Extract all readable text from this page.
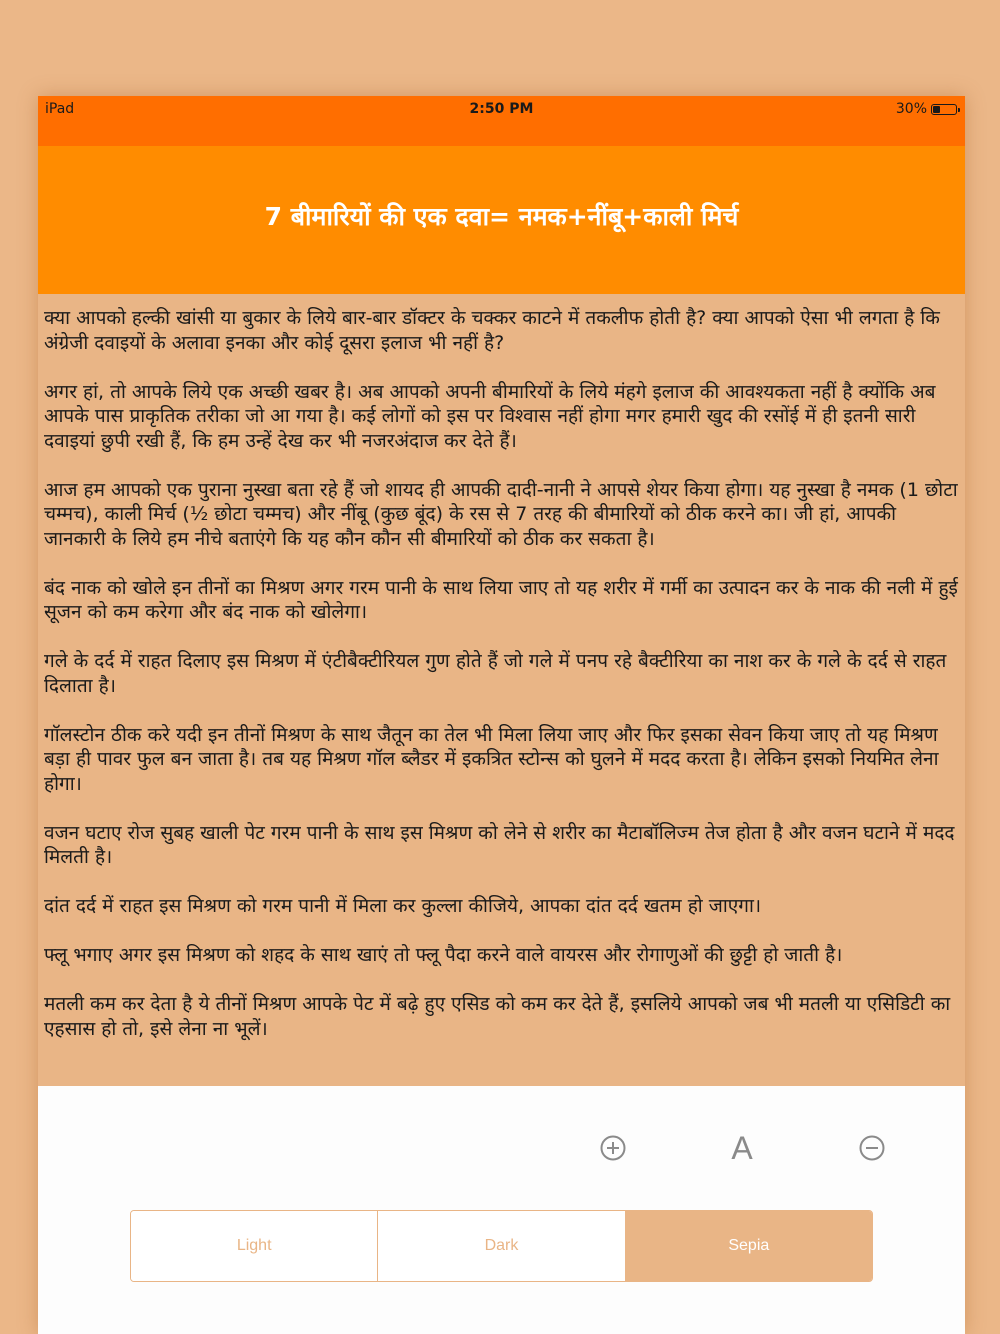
iPad	2:50 PM	30%
7 बीमारियों की एक दवा= नमक+नींबू+काली मिर्च

क्या आपको हल्की खांसी या बुकार के लिये बार-बार डॉक्टर के चक्कर काटने में तकलीफ होती है? क्या आपको ऐसा भी लगता है कि अंग्रेजी दवाइयों के अलावा इनका और कोई दूसरा इलाज भी नहीं है?

अगर हां, तो आपके लिये एक अच्छी खबर है। अब आपको अपनी बीमारियों के लिये मंहगे इलाज की आवश्यकता नहीं है क्योंकि अब आपके पास प्राकृतिक तरीका जो आ गया है। कई लोगों को इस पर विश्वास नहीं होगा मगर हमारी खुद की रसोंई में ही इतनी सारी दवाइयां छुपी रखी हैं, कि हम उन्हें देख कर भी नजरअंदाज कर देते हैं।

आज हम आपको एक पुराना नुस्खा बता रहे हैं जो शायद ही आपकी दादी-नानी ने आपसे शेयर किया होगा। यह नुस्खा है नमक (1 छोटा चम्मच), काली मिर्च (½ छोटा चम्मच) और नींबू (कुछ बूंद) के रस से 7 तरह की बीमारियों को ठीक करने का। जी हां, आपकी जानकारी के लिये हम नीचे बताएंगे कि यह कौन कौन सी बीमारियों को ठीक कर सकता है।

बंद नाक को खोले इन तीनों का मिश्रण अगर गरम पानी के साथ लिया जाए तो यह शरीर में गर्मी का उत्पादन कर के नाक की नली में हुई सूजन को कम करेगा और बंद नाक को खोलेगा।

गले के दर्द में राहत दिलाए इस मिश्रण में एंटीबैक्टीरियल गुण होते हैं जो गले में पनप रहे बैक्टीरिया का नाश कर के गले के दर्द से राहत दिलाता है।

गॉलस्टोन ठीक करे यदी इन तीनों मिश्रण के साथ जैतून का तेल भी मिला लिया जाए और फिर इसका सेवन किया जाए तो यह मिश्रण बड़ा ही पावर फुल बन जाता है। तब यह मिश्रण गॉल ब्लैडर में इकत्रित स्टोन्स को घुलने में मदद करता है। लेकिन इसको नियमित लेना होगा।

वजन घटाए रोज सुबह खाली पेट गरम पानी के साथ इस मिश्रण को लेने से शरीर का मैटाबॉलिज्म तेज होता है और वजन घटाने में मदद मिलती है।

दांत दर्द में राहत इस मिश्रण को गरम पानी में मिला कर कुल्ला कीजिये, आपका दांत दर्द खतम हो जाएगा।

फ्लू भगाए अगर इस मिश्रण को शहद के साथ खाएं तो फ्लू पैदा करने वाले वायरस और रोगाणुओं की छुट्टी हो जाती है।

मतली कम कर देता है ये तीनों मिश्रण आपके पेट में बढ़े हुए एसिड को कम कर देते हैं, इसलिये आपको जब भी मतली या एसिडिटी का एहसास हो तो, इसे लेना ना भूलें।

A
Light	Dark	Sepia
